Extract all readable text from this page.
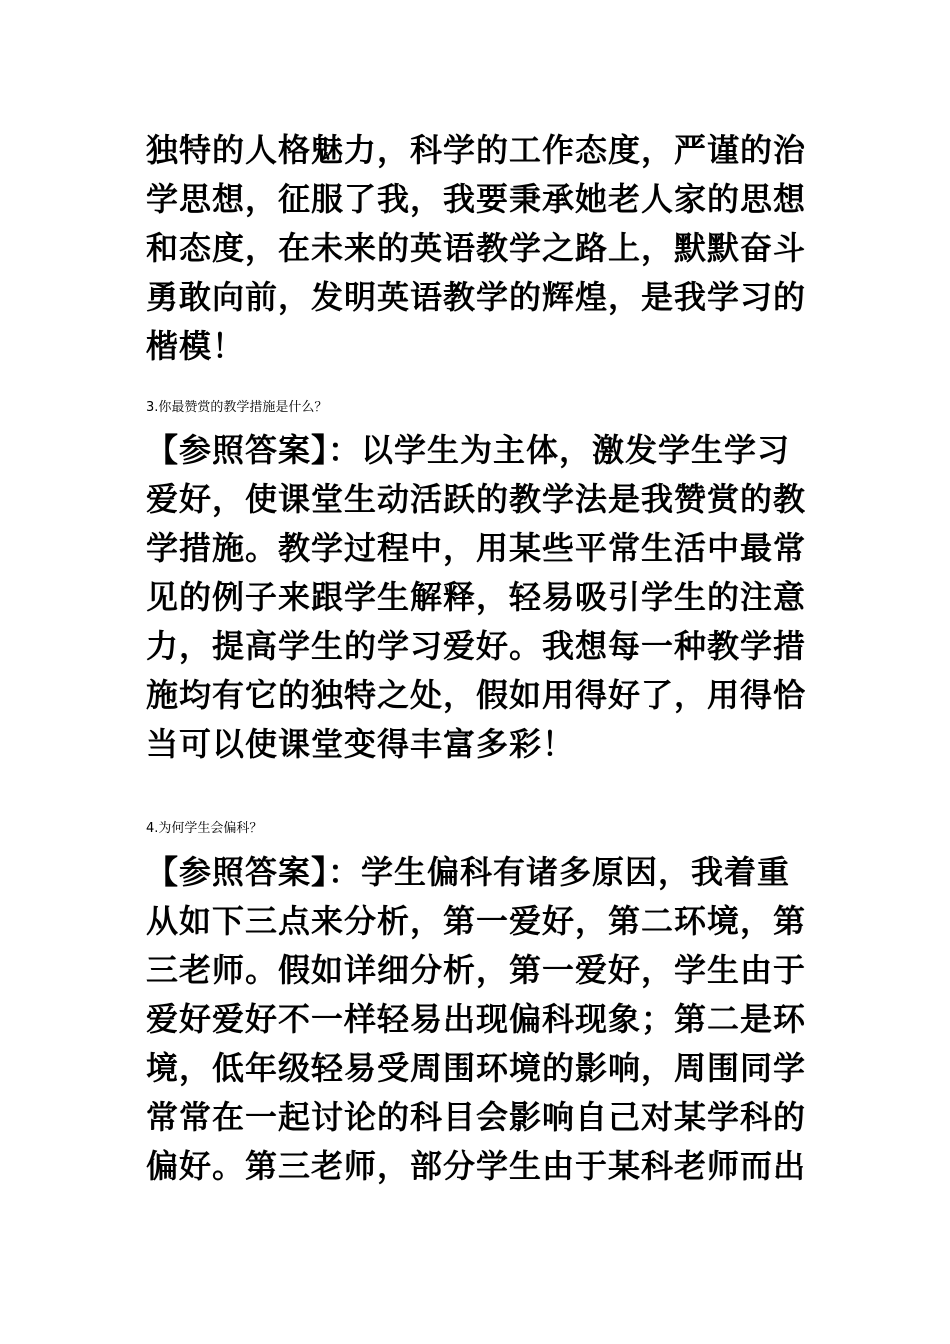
独特的人格魅力，科学的工作态度，严谨的治
学思想，征服了我，我要秉承她老人家的思想
和态度，在未来的英语教学之路上，默默奋斗
勇敢向前，发明英语教学的辉煌，是我学习的
楷模！
3.你最赞赏的教学措施是什么？
【参照答案】：以学生为主体，激发学生学习
爱好，使课堂生动活跃的教学法是我赞赏的教
学措施。教学过程中，用某些平常生活中最常
见的例子来跟学生解释，轻易吸引学生的注意
力，提高学生的学习爱好。我想每一种教学措
施均有它的独特之处，假如用得好了，用得恰
当可以使课堂变得丰富多彩！
4.为何学生会偏科？
【参照答案】：学生偏科有诸多原因，我着重
从如下三点来分析，第一爱好，第二环境，第
三老师。假如详细分析，第一爱好，学生由于
爱好爱好不一样轻易出现偏科现象；第二是环
境，低年级轻易受周围环境的影响，周围同学
常常在一起讨论的科目会影响自己对某学科的
偏好。第三老师，部分学生由于某科老师而出
